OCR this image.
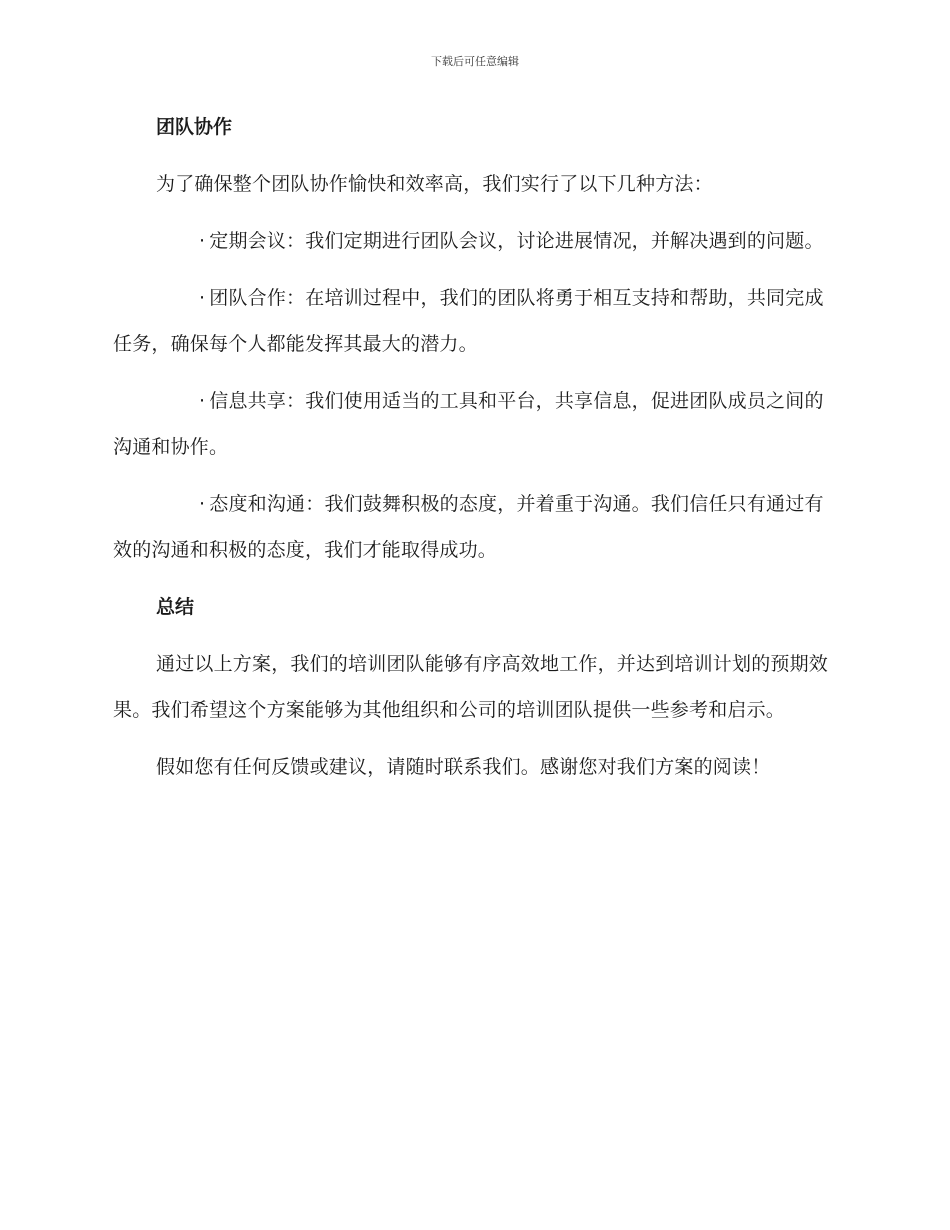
下载后可任意编辑
团队协作

为了确保整个团队协作愉快和效率高，我们实行了以下几种方法：

· 定期会议：我们定期进行团队会议，讨论进展情况，并解决遇到的问题。

· 团队合作：在培训过程中，我们的团队将勇于相互支持和帮助，共同完成任务，确保每个人都能发挥其最大的潜力。

· 信息共享：我们使用适当的工具和平台，共享信息，促进团队成员之间的沟通和协作。

· 态度和沟通：我们鼓舞积极的态度，并着重于沟通。我们信任只有通过有效的沟通和积极的态度，我们才能取得成功。

总结

通过以上方案，我们的培训团队能够有序高效地工作，并达到培训计划的预期效果。我们希望这个方案能够为其他组织和公司的培训团队提供一些参考和启示。

假如您有任何反馈或建议，请随时联系我们。感谢您对我们方案的阅读！
